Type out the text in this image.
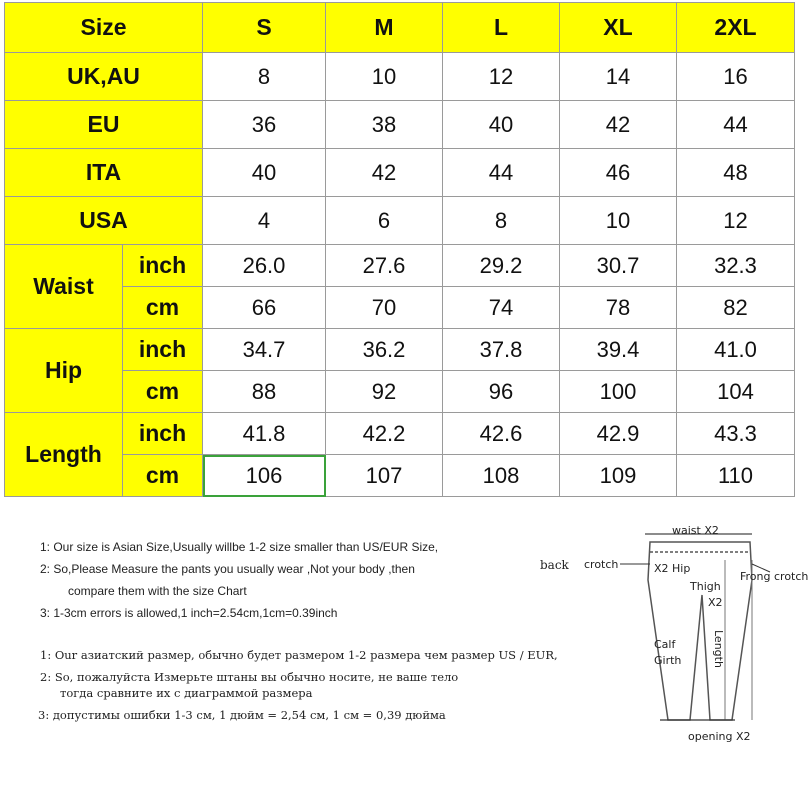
Size		S	M	L	XL	2XL
UK,AU		8	10	12	14	16
EU		36	38	40	42	44
ITA		40	42	44	46	48
USA		4	6	8	10	12
Waist	inch	26.0	27.6	29.2	30.7	32.3
	cm	66	70	74	78	82
Hip	inch	34.7	36.2	37.8	39.4	41.0
	cm	88	92	96	100	104
Length	inch	41.8	42.2	42.6	42.9	43.3
	cm	106	107	108	109	110
1: Our size is Asian Size,Usually willbe 1-2 size smaller than US/EUR Size,
2: So,Please Measure the pants you usually wear ,Not your body ,then
compare them with the size Chart
3: 1-3cm errors is allowed,1 inch=2.54cm,1cm=0.39inch
1: Our азиатский размер, обычно будет размером 1-2 размера чем размер US / EUR,
2: So, пожалуйста Измерьте штаны вы обычно носите, не ваше тело
тогда сравните их с диаграммой размера
3: допустимы ошибки 1-3 см, 1 дюйм = 2,54 см, 1 см = 0,39 дюйма
waist X2
back crotch	X2 Hip
Thigh
X2
Frong crotch
Length
Calf
Girth
opening X2
